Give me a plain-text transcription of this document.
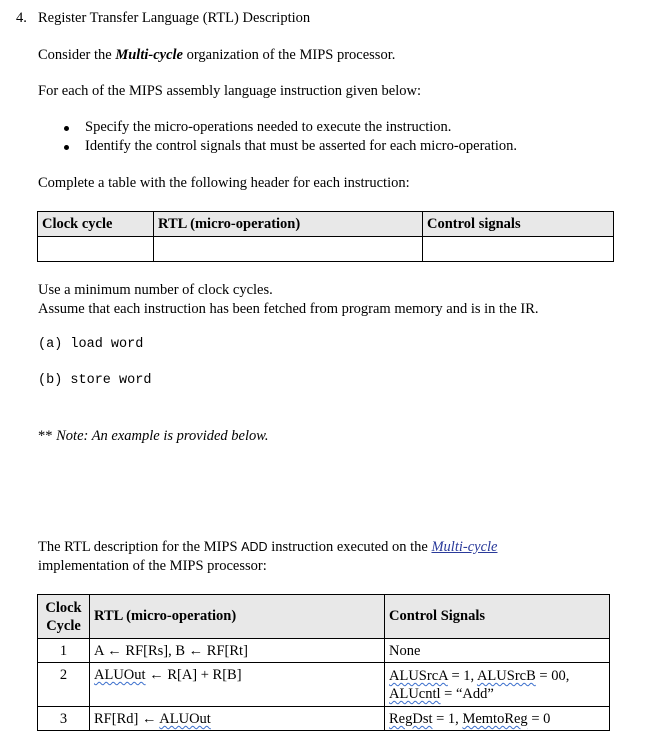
4. Register Transfer Language (RTL) Description
Consider the Multi-cycle organization of the MIPS processor.
For each of the MIPS assembly language instruction given below:
Specify the micro-operations needed to execute the instruction.
Identify the control signals that must be asserted for each micro-operation.
Complete a table with the following header for each instruction:
Clock cycle	RTL (micro-operation)	Control signals

Use a minimum number of clock cycles.
Assume that each instruction has been fetched from program memory and is in the IR.
(a) load word
(b) store word
** Note: An example is provided below.
The RTL description for the MIPS ADD instruction executed on the Multi-cycle
implementation of the MIPS processor:
Clock
Cycle	RTL (micro-operation)	Control Signals
1	A ← RF[Rs], B ← RF[Rt]	None
2	ALUOut ← R[A] + R[B]	ALUSrcA = 1, ALUSrcB = 00,
ALUcntl = “Add”
3	RF[Rd] ← ALUOut	RegDst = 1, MemtoReg = 0
